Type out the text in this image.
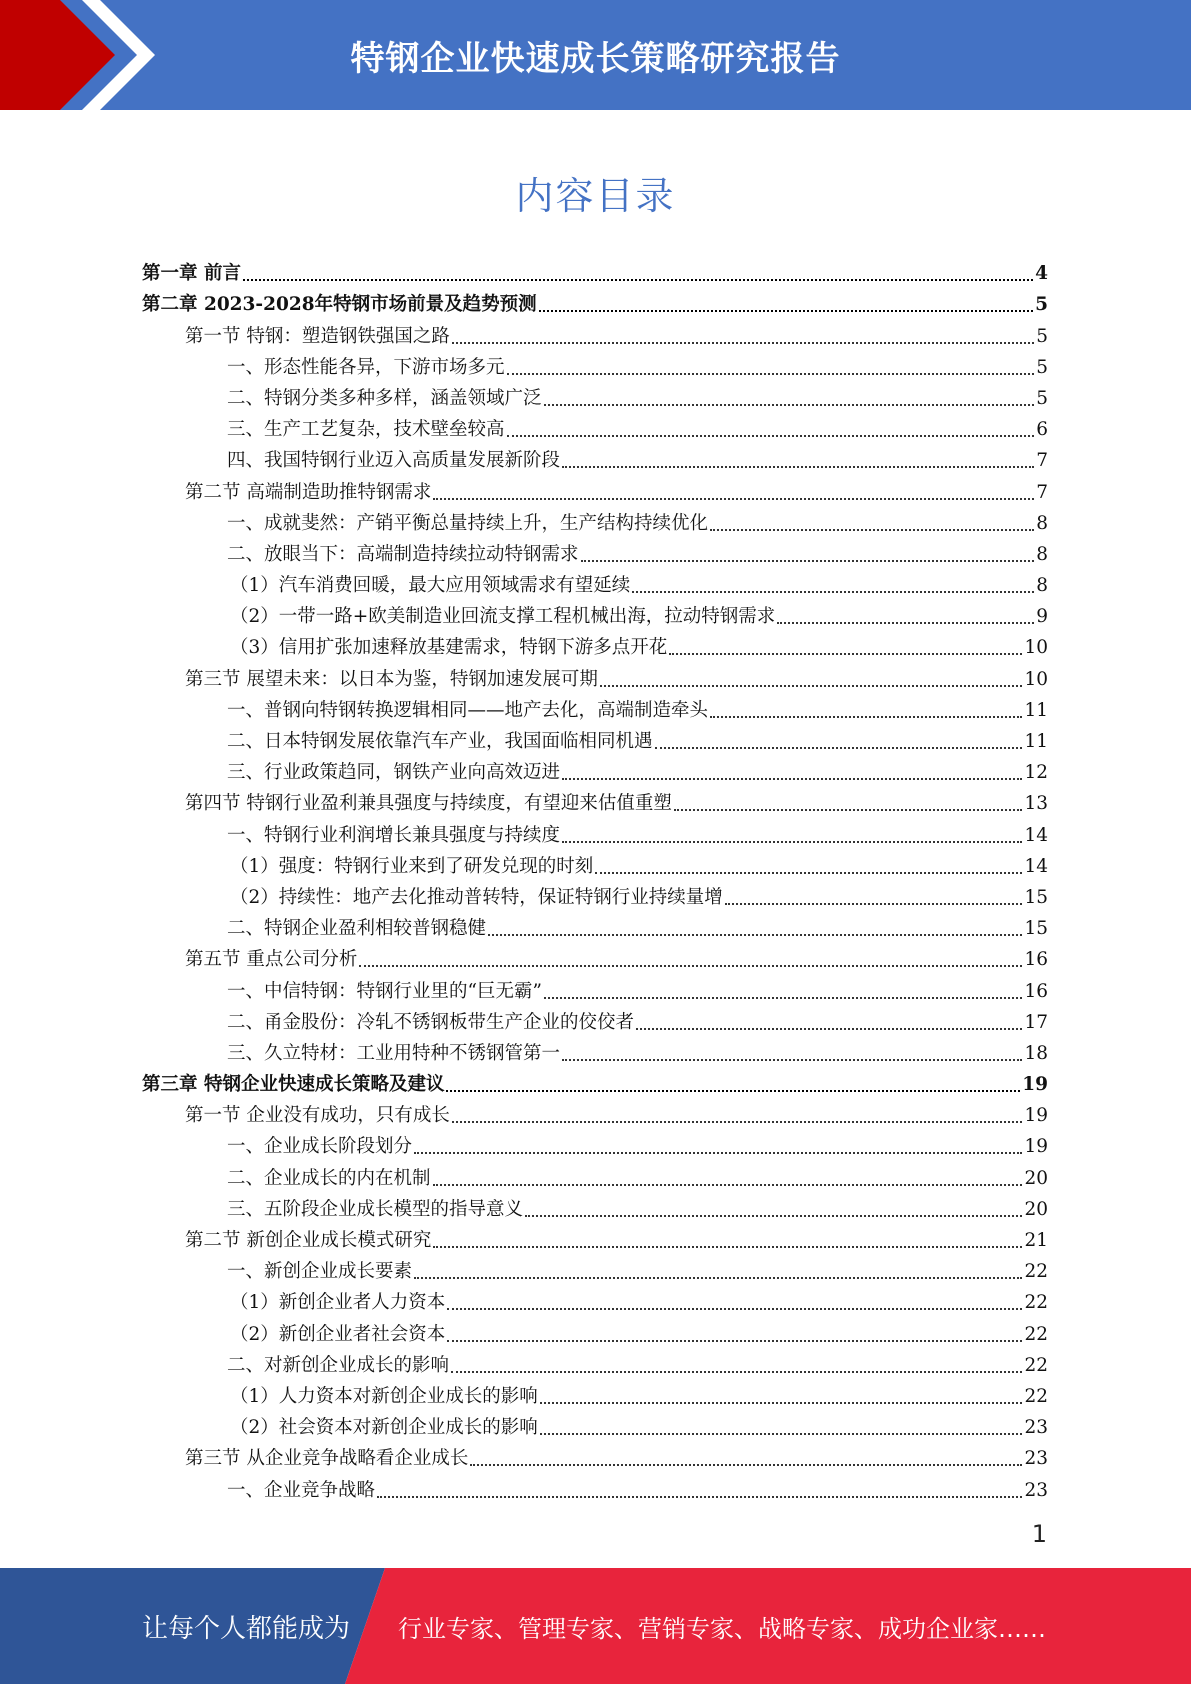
特钢企业快速成长策略研究报告
内容目录
第一章 前言	4
第二章 2023-2028年特钢市场前景及趋势预测	5
第一节 特钢：塑造钢铁强国之路	5
一、形态性能各异，下游市场多元	5
二、特钢分类多种多样，涵盖领域广泛	5
三、生产工艺复杂，技术壁垒较高	6
四、我国特钢行业迈入高质量发展新阶段	7
第二节 高端制造助推特钢需求	7
一、成就斐然：产销平衡总量持续上升，生产结构持续优化	8
二、放眼当下：高端制造持续拉动特钢需求	8
（1）汽车消费回暖，最大应用领域需求有望延续	8
（2）一带一路+欧美制造业回流支撑工程机械出海，拉动特钢需求	9
（3）信用扩张加速释放基建需求，特钢下游多点开花	10
第三节 展望未来：以日本为鉴，特钢加速发展可期	10
一、普钢向特钢转换逻辑相同——地产去化，高端制造牵头	11
二、日本特钢发展依靠汽车产业，我国面临相同机遇	11
三、行业政策趋同，钢铁产业向高效迈进	12
第四节 特钢行业盈利兼具强度与持续度，有望迎来估值重塑	13
一、特钢行业利润增长兼具强度与持续度	14
（1）强度：特钢行业来到了研发兑现的时刻	14
（2）持续性：地产去化推动普转特，保证特钢行业持续量增	15
二、特钢企业盈利相较普钢稳健	15
第五节 重点公司分析	16
一、中信特钢：特钢行业里的“巨无霸”	16
二、甬金股份：冷轧不锈钢板带生产企业的佼佼者	17
三、久立特材：工业用特种不锈钢管第一	18
第三章 特钢企业快速成长策略及建议	19
第一节 企业没有成功，只有成长	19
一、企业成长阶段划分	19
二、企业成长的内在机制	20
三、五阶段企业成长模型的指导意义	20
第二节 新创企业成长模式研究	21
一、新创企业成长要素	22
（1）新创企业者人力资本	22
（2）新创企业者社会资本	22
二、对新创企业成长的影响	22
（1）人力资本对新创企业成长的影响	22
（2）社会资本对新创企业成长的影响	23
第三节 从企业竞争战略看企业成长	23
一、企业竞争战略	23
1
让每个人都能成为 行业专家、管理专家、营销专家、战略专家、成功企业家……
